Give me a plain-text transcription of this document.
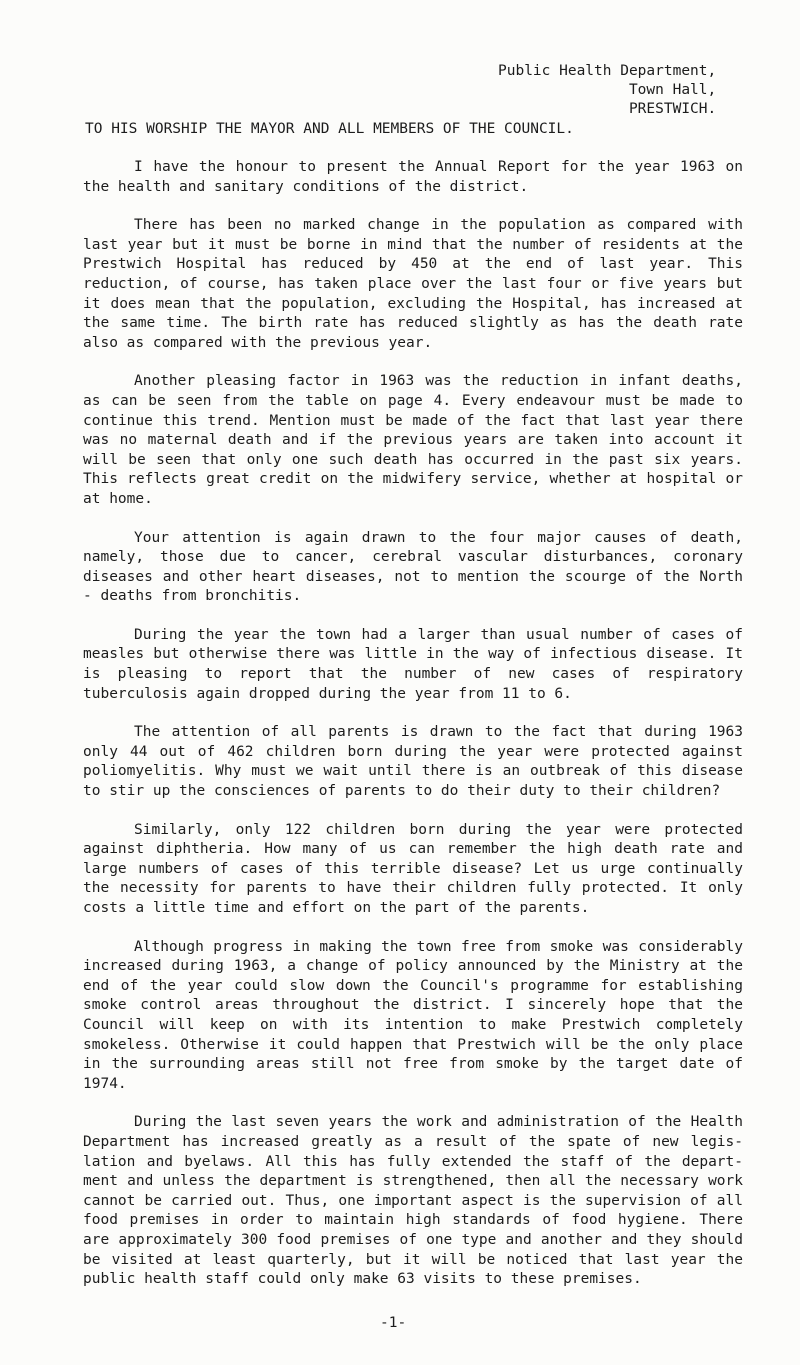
Public Health Department,
Town Hall,
PRESTWICH.
TO HIS WORSHIP THE MAYOR AND ALL MEMBERS OF THE COUNCIL.

I have the honour to present the Annual Report for the year 1963 on the health and sanitary conditions of the district.

There has been no marked change in the population as compared with last year but it must be borne in mind that the number of residents at the Prestwich Hospital has reduced by 450 at the end of last year. This reduction, of course, has taken place over the last four or five years but it does mean that the population, excluding the Hospital, has increased at the same time. The birth rate has reduced slightly as has the death rate also as compared with the previous year.

Another pleasing factor in 1963 was the reduction in infant deaths, as can be seen from the table on page 4. Every endeavour must be made to continue this trend. Mention must be made of the fact that last year there was no maternal death and if the previous years are taken into account it will be seen that only one such death has occurred in the past six years. This reflects great credit on the midwifery service, whether at hospital or at home.

Your attention is again drawn to the four major causes of death, namely, those due to cancer, cerebral vascular disturbances, coronary diseases and other heart diseases, not to mention the scourge of the North - deaths from bronchitis.

During the year the town had a larger than usual number of cases of measles but otherwise there was little in the way of infectious disease. It is pleasing to report that the number of new cases of respiratory tuberculosis again dropped during the year from 11 to 6.

The attention of all parents is drawn to the fact that during 1963 only 44 out of 462 children born during the year were protected against poliomyelitis. Why must we wait until there is an outbreak of this disease to stir up the consciences of parents to do their duty to their children?

Similarly, only 122 children born during the year were protected against diphtheria. How many of us can remember the high death rate and large numbers of cases of this terrible disease? Let us urge continually the necessity for parents to have their children fully protected. It only costs a little time and effort on the part of the parents.

Although progress in making the town free from smoke was considerably increased during 1963, a change of policy announced by the Ministry at the end of the year could slow down the Council's programme for establishing smoke control areas throughout the district. I sincerely hope that the Council will keep on with its intention to make Prestwich completely smokeless. Otherwise it could happen that Prestwich will be the only place in the surrounding areas still not free from smoke by the target date of 1974.

During the last seven years the work and administration of the Health Department has increased greatly as a result of the spate of new legis-lation and byelaws. All this has fully extended the staff of the depart-ment and unless the department is strengthened, then all the necessary work cannot be carried out. Thus, one important aspect is the supervision of all food premises in order to maintain high standards of food hygiene. There are approximately 300 food premises of one type and another and they should be visited at least quarterly, but it will be noticed that last year the public health staff could only make 63 visits to these premises.

-1-
